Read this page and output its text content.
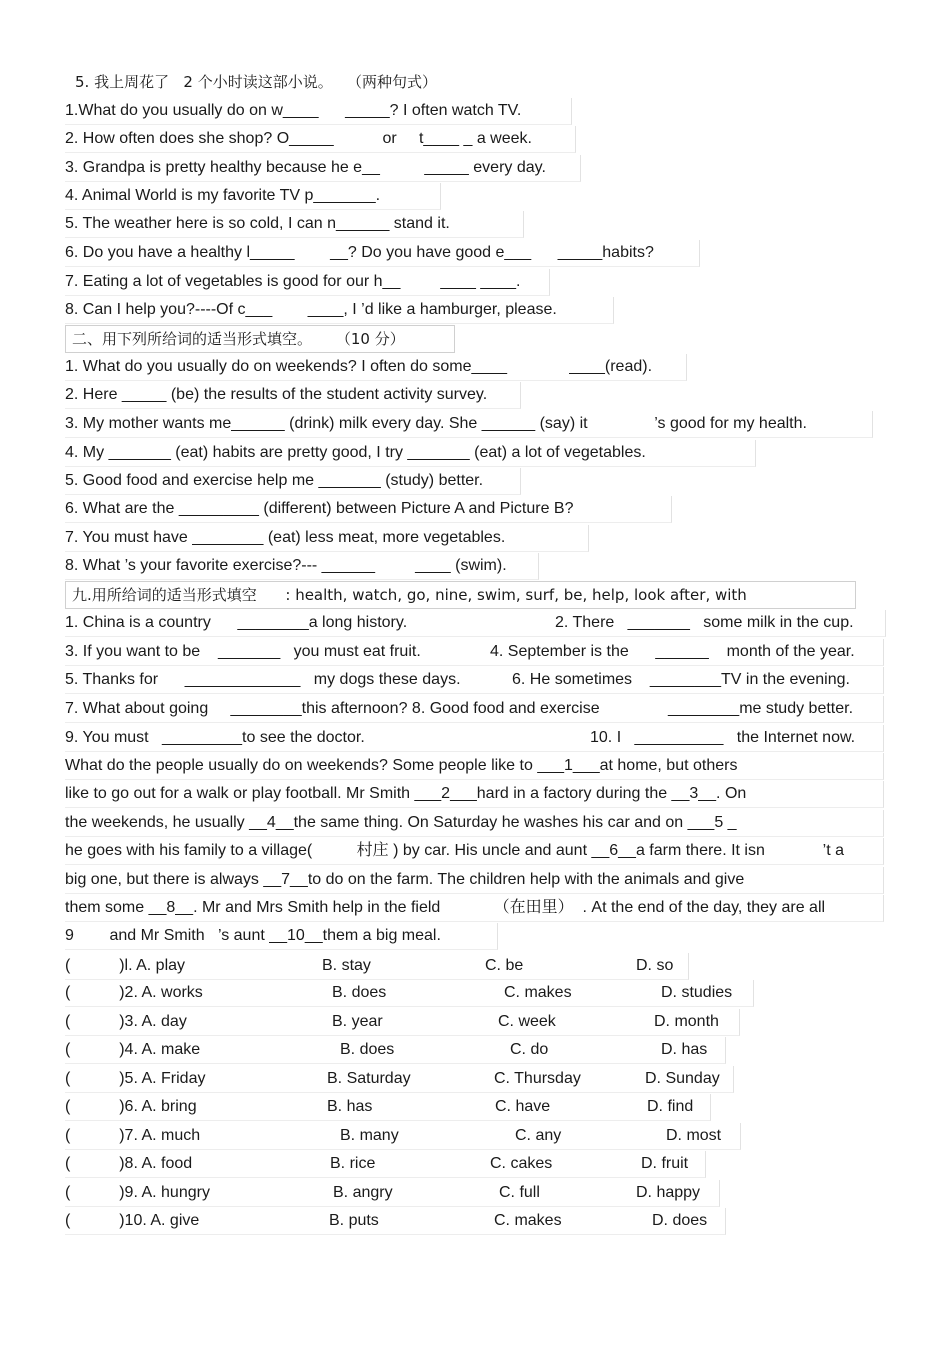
5. 我上周花了   2 个小时读这部小说。   （两种句式）
1.What do you usually do on w____      _____? I often watch TV.
2. How often does she shop? O_____           or     t____ _ a week.
3. Grandpa is pretty healthy because he e__          _____ every day.
4. Animal World is my favorite TV p_______.
5. The weather here is so cold, I can n______ stand it.
6. Do you have a healthy l_____        __? Do you have good e___      _____habits?
7. Eating a lot of vegetables is good for our h__         ____ ____.
8. Can I help you?----Of c___        ____, I ’d like a hamburger, please.
二、用下列所给词的适当形式填空。     （10 分）
1. What do you usually do on weekends? I often do some____              ____(read).
2. Here _____ (be) the results of the student activity survey.
3. My mother wants me______ (drink) milk every day. She ______ (say) it               ’s good for my health.
4. My _______ (eat) habits are pretty good, I try _______ (eat) a lot of vegetables.
5. Good food and exercise help me _______ (study) better.
6. What are the _________ (different) between Picture A and Picture B?
7. You must have ________ (eat) less meat, more vegetables.
8. What ’s your favorite exercise?--- ______         ____ (swim).
九.用所给词的适当形式填空      : health, watch, go, nine, swim, surf, be, help, look after, with

1. China is a country      ________a long history.

	2. There   _______   some milk in the cup.

3. If you want to be    _______   you must eat fruit.

	4. September is the      ______    month of the year.

5. Thanks for      _____________   my dogs these days.

	6. He sometimes    ________TV in the evening.

7. What about going     ________this afternoon? 8. Good food and exercise

	________me study better.

9. You must   _________to see the doctor.

	10. I   __________   the Internet now.

What do the people usually do on weekends? Some people like to ___1___at home, but others
like to go out for a walk or play football. Mr Smith ___2___hard in a factory during the __3__. On
the weekends, he usually __4__the same thing. On Saturday he washes his car and on ___5 _
he goes with his family to a village(          村庄 ) by car. His uncle and aunt __6__a farm there. It isn             ’t a
big one, but there is always __7__to do on the farm. The children help with the animals and give
them some __8__. Mr and Mrs Smith help in the field            （在田里）  . At the end of the day, they are all
9        and Mr Smith   ’s aunt __10__them a big meal.

(           )l. A. play

	B. stay

	C. be

	D. so

(           )2. A. works

	B. does

	C. makes

	D. studies

(           )3. A. day

	B. year

	C. week

	D. month

(           )4. A. make

	B. does

	C. do

	D. has

(           )5. A. Friday

	B. Saturday

	C. Thursday

	D. Sunday

(           )6. A. bring

	B. has

	C. have

	D. find

(           )7. A. much

	B. many

	C. any

	D. most

(           )8. A. food

	B. rice

	C. cakes

	D. fruit

(           )9. A. hungry

	B. angry

	C. full

	D. happy

(           )10. A. give

	B. puts

	C. makes

	D. does
